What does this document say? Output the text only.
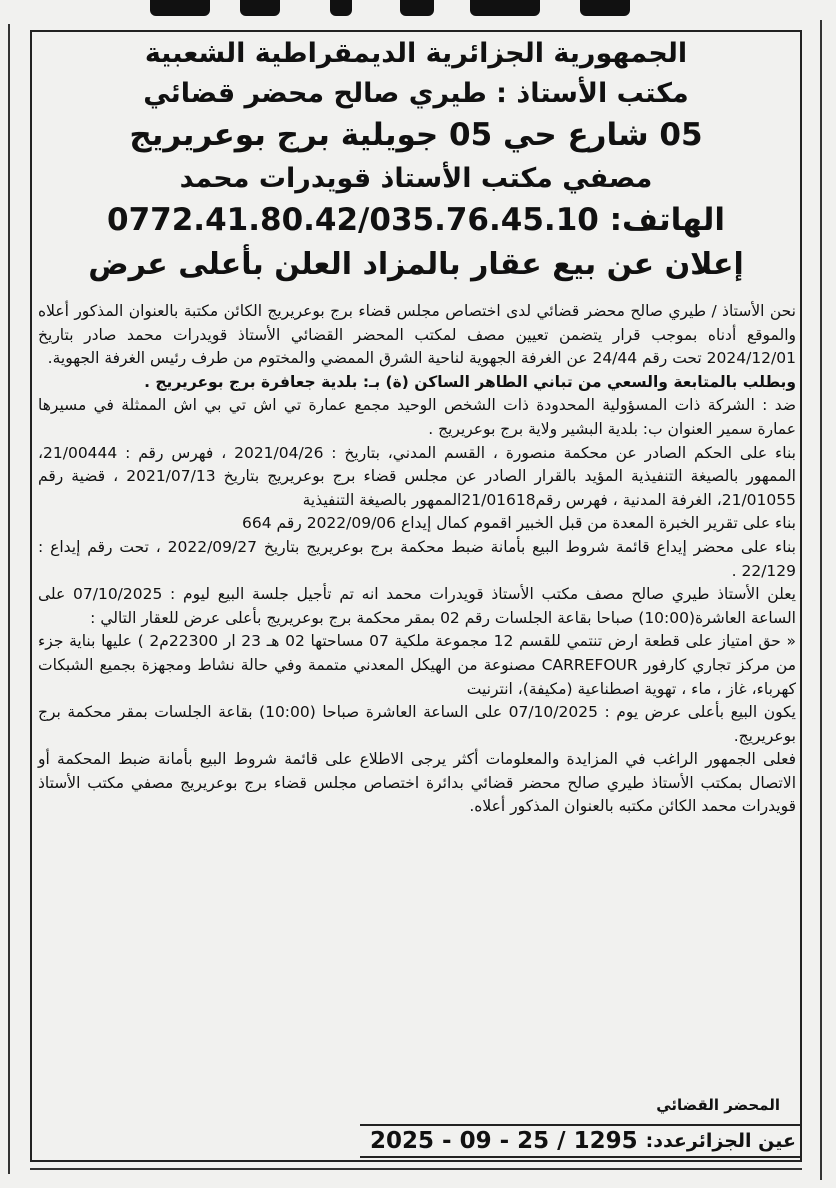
الجمهورية الجزائرية الديمقراطية الشعبية
مكتب الأستاذ : طيري صالح محضر قضائي
05 شارع حي 05 جويلية برج بوعريريج
مصفي مكتب الأستاذ قويدرات محمد
الهاتف: 0772.41.80.42/035.76.45.10
إعلان عن بيع عقار بالمزاد العلن بأعلى عرض

نحن الأستاذ / طيري صالح محضر قضائي لدى اختصاص مجلس قضاء برج بوعريريج الكائن مكتبة بالعنوان المذكور أعلاه والموقع أدناه بموجب قرار يتضمن تعيين مصف لمكتب المحضر القضائي الأستاذ قويدرات محمد صادر بتاريخ 2024/12/01 تحت رقم 24/44 عن الغرفة الجهوية لناحية الشرق الممضي والمختوم من طرف رئيس الغرفة الجهوية.

وبطلب بالمتابعة والسعي من تباني الطاهر الساكن (ة) بـ: بلدية جعافرة برج بوعريريج .

ضد : الشركة ذات المسؤولية المحدودة ذات الشخص الوحيد مجمع عمارة تي اش تي بي اش الممثلة في مسيرها عمارة سمير العنوان ب: بلدية البشير ولاية برج بوعريريج .

بناء على الحكم الصادر عن محكمة منصورة ، القسم المدني، بتاريخ : 2021/04/26 ، فهرس رقم : 21/00444، الممهور بالصيغة التنفيذية المؤيد بالقرار الصادر عن مجلس قضاء برج بوعريريج بتاريخ 2021/07/13 ، قضية رقم 21/01055، الغرفة المدنية ، فهرس رقم21/01618الممهور بالصيغة التنفيذية

بناء على تقرير الخبرة المعدة من قبل الخبير اقموم كمال إيداع 2022/09/06 رقم 664

بناء على محضر إيداع قائمة شروط البيع بأمانة ضبط محكمة برج بوعريريج بتاريخ 2022/09/27 ، تحت رقم إيداع : 22/129 .

يعلن الأستاذ طيري صالح مصف مكتب الأستاذ قويدرات محمد انه تم تأجيل جلسة البيع ليوم : 07/10/2025 على الساعة العاشرة(10:00) صباحا بقاعة الجلسات رقم 02 بمقر محكمة برج بوعريريج بأعلى عرض للعقار التالي :

« حق امتياز على قطعة ارض تنتمي للقسم 12 مجموعة ملكية 07 مساحتها 02 هـ 23 ار 22300م2 ) عليها بناية جزء من مركز تجاري كارفور CARREFOUR مصنوعة من الهيكل المعدني متممة وفي حالة نشاط ومجهزة بجميع الشبكات كهرباء، غاز ، ماء ، تهوية اصطناعية (مكيفة)، انترنيت

يكون البيع بأعلى عرض يوم : 07/10/2025 على الساعة العاشرة صباحا (10:00) بقاعة الجلسات بمقر محكمة برج بوعريريج.

فعلى الجمهور الراغب في المزايدة والمعلومات أكثر يرجى الاطلاع على قائمة شروط البيع بأمانة ضبط المحكمة أو الاتصال بمكتب الأستاذ طيري صالح محضر قضائي بدائرة اختصاص مجلس قضاء برج بوعريريج مصفي مكتب الأستاذ قويدرات محمد الكائن مكتبه بالعنوان المذكور أعلاه.

المحضر القضائي
عين الجزائرعدد:
1295 / 25 - 09 - 2025
